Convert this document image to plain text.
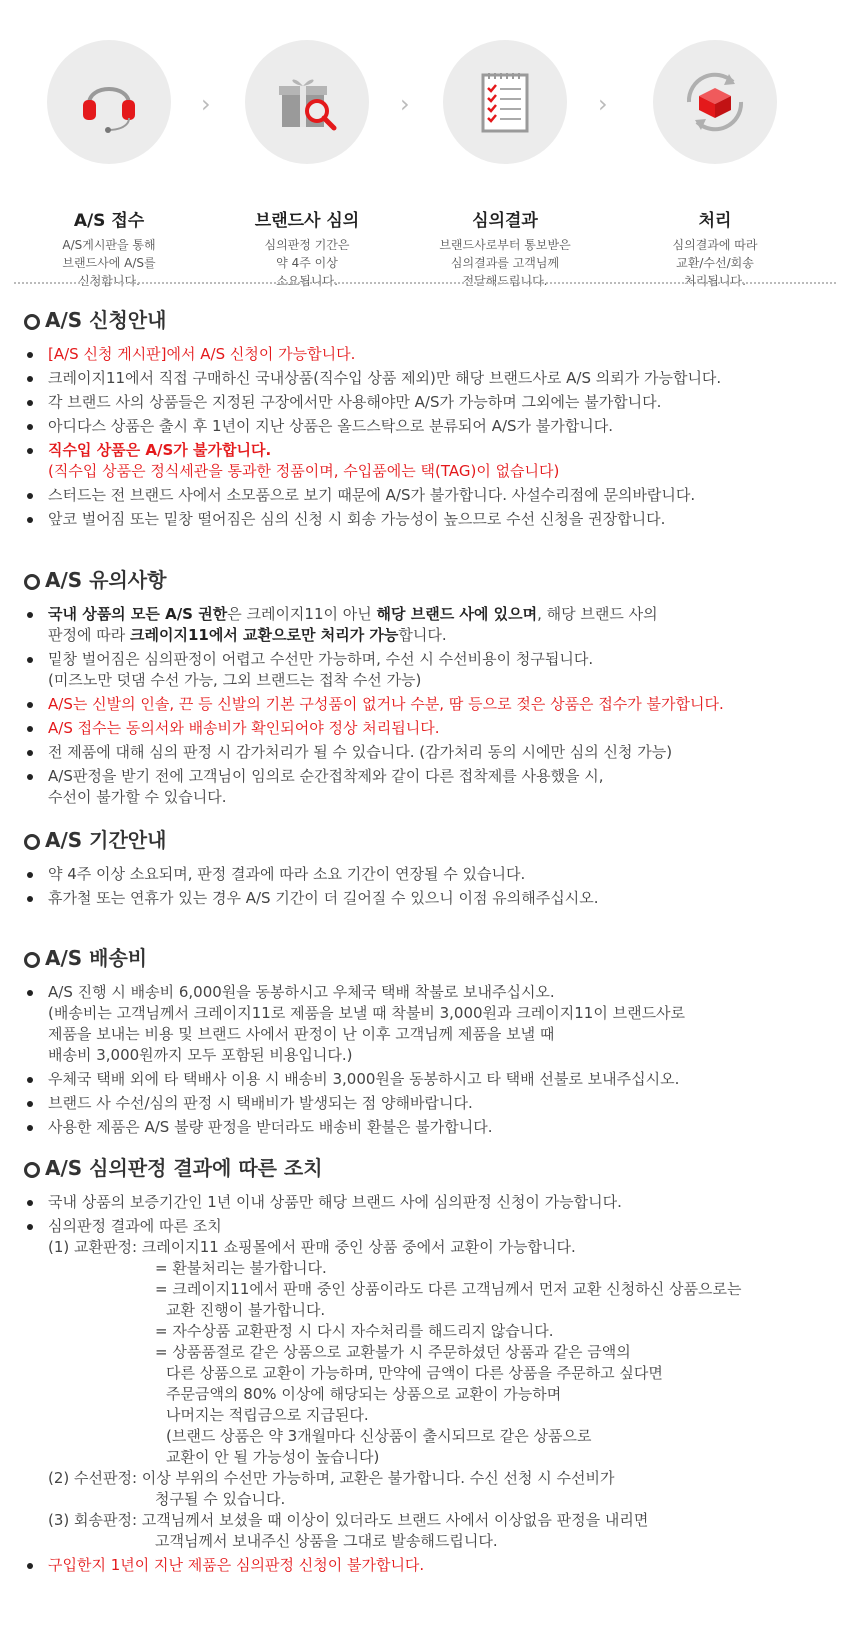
A/S 접수
A/S게시판을 통해
브랜드사에 A/S를
신청합니다.
›
브랜드사 심의
심의판정 기간은
약 4주 이상
소요됩니다.
›
심의결과
브랜드사로부터 통보받은
심의결과를 고객님께
전달해드립니다.
›
처리
심의결과에 따라
교환/수선/회송
처리됩니다.
A/S 신청안내
[A/S 신청 게시판]에서 A/S 신청이 가능합니다.
크레이지11에서 직접 구매하신 국내상품(직수입 상품 제외)만 해당 브랜드사로 A/S 의뢰가 가능합니다.
각 브랜드 사의 상품들은 지정된 구장에서만 사용해야만 A/S가 가능하며 그외에는 불가합니다.
아디다스 상품은 출시 후 1년이 지난 상품은 올드스탁으로 분류되어 A/S가 불가합니다.
직수입 상품은 A/S가 불가합니다.
(직수입 상품은 정식세관을 통과한 정품이며, 수입품에는 택(TAG)이 없습니다)
스터드는 전 브랜드 사에서 소모품으로 보기 때문에 A/S가 불가합니다. 사설수리점에 문의바랍니다.
앞코 벌어짐 또는 밑창 떨어짐은 심의 신청 시 회송 가능성이 높으므로 수선 신청을 권장합니다.
A/S 유의사항
국내 상품의 모든 A/S 권한은 크레이지11이 아닌 해당 브랜드 사에 있으며, 해당 브랜드 사의
판정에 따라 크레이지11에서 교환으로만 처리가 가능합니다.
밑창 벌어짐은 심의판정이 어렵고 수선만 가능하며, 수선 시 수선비용이 청구됩니다.
(미즈노만 덧댐 수선 가능, 그외 브랜드는 접착 수선 가능)
A/S는 신발의 인솔, 끈 등 신발의 기본 구성품이 없거나 수분, 땀 등으로 젖은 상품은 접수가 불가합니다.
A/S 접수는 동의서와 배송비가 확인되어야 정상 처리됩니다.
전 제품에 대해 심의 판정 시 감가처리가 될 수 있습니다. (감가처리 동의 시에만 심의 신청 가능)
A/S판정을 받기 전에 고객님이 임의로 순간접착제와 같이 다른 접착제를 사용했을 시,
수선이 불가할 수 있습니다.
A/S 기간안내
약 4주 이상 소요되며, 판정 결과에 따라 소요 기간이 연장될 수 있습니다.
휴가철 또는 연휴가 있는 경우 A/S 기간이 더 길어질 수 있으니 이점 유의해주십시오.
A/S 배송비
A/S 진행 시 배송비 6,000원을 동봉하시고 우체국 택배 착불로 보내주십시오.
(배송비는 고객님께서 크레이지11로 제품을 보낼 때 착불비 3,000원과 크레이지11이 브랜드사로
제품을 보내는 비용 및 브랜드 사에서 판정이 난 이후 고객님께 제품을 보낼 때
배송비 3,000원까지 모두 포함된 비용입니다.)
우체국 택배 외에 타 택배사 이용 시 배송비 3,000원을 동봉하시고 타 택배 선불로 보내주십시오.
브랜드 사 수선/심의 판정 시 택배비가 발생되는 점 양해바랍니다.
사용한 제품은 A/S 불량 판정을 받더라도 배송비 환불은 불가합니다.
A/S 심의판정 결과에 따른 조치
국내 상품의 보증기간인 1년 이내 상품만 해당 브랜드 사에 심의판정 신청이 가능합니다.
심의판정 결과에 따른 조치
(1) 교환판정: 크레이지11 쇼핑몰에서 판매 중인 상품 중에서 교환이 가능합니다.
= 환불처리는 불가합니다.
= 크레이지11에서 판매 중인 상품이라도 다른 고객님께서 먼저 교환 신청하신 상품으로는
교환 진행이 불가합니다.
= 자수상품 교환판정 시 다시 자수처리를 해드리지 않습니다.
= 상품품절로 같은 상품으로 교환불가 시 주문하셨던 상품과 같은 금액의
다른 상품으로 교환이 가능하며, 만약에 금액이 다른 상품을 주문하고 싶다면
주문금액의 80% 이상에 해당되는 상품으로 교환이 가능하며
나머지는 적립금으로 지급된다.
(브랜드 상품은 약 3개월마다 신상품이 출시되므로 같은 상품으로
교환이 안 될 가능성이 높습니다)
(2) 수선판정: 이상 부위의 수선만 가능하며, 교환은 불가합니다. 수신 선청 시 수선비가
청구될 수 있습니다.
(3) 회송판정: 고객님께서 보셨을 때 이상이 있더라도 브랜드 사에서 이상없음 판정을 내리면
고객님께서 보내주신 상품을 그대로 발송해드립니다.
구입한지 1년이 지난 제품은 심의판정 신청이 불가합니다.
